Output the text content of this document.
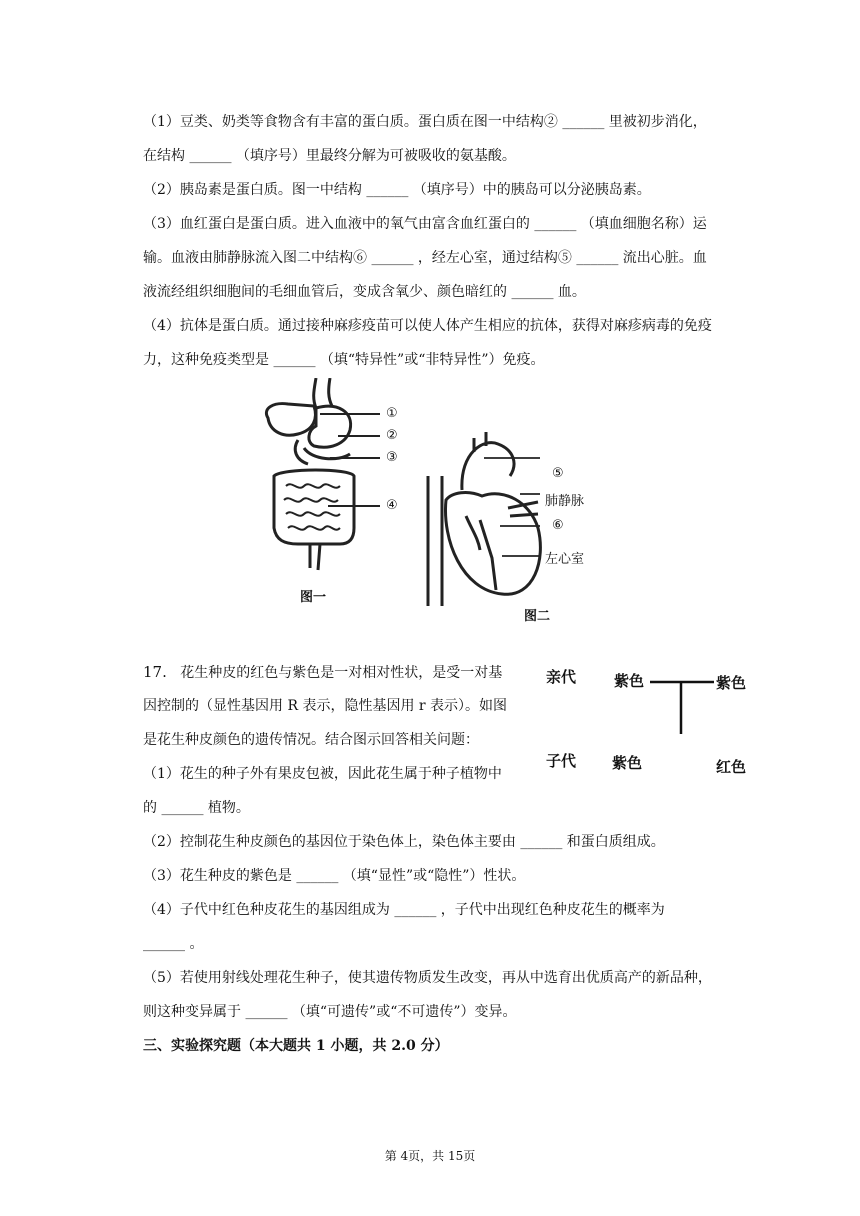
（1）豆类、奶类等食物含有丰富的蛋白质。蛋白质在图一中结构② ______ 里被初步消化，
在结构 ______ （填序号）里最终分解为可被吸收的氨基酸。
（2）胰岛素是蛋白质。图一中结构 ______ （填序号）中的胰岛可以分泌胰岛素。
（3）血红蛋白是蛋白质。进入血液中的氧气由富含血红蛋白的 ______ （填血细胞名称）运
输。血液由肺静脉流入图二中结构⑥ ______ ，经左心室，通过结构⑤ ______ 流出心脏。血
液流经组织细胞间的毛细血管后，变成含氧少、颜色暗红的 ______ 血。
（4）抗体是蛋白质。通过接种麻疹疫苗可以使人体产生相应的抗体，获得对麻疹病毒的免疫
力，这种免疫类型是 ______ （填“特异性”或“非特异性”）免疫。
①
②
③
④
图一
⑤
肺静脉
⑥
左心室
图二
17. 花生种皮的红色与紫色是一对相对性状，是受一对基
因控制的（显性基因用 R 表示，隐性基因用 r 表示）。如图
是花生种皮颜色的遗传情况。结合图示回答相关问题：
（1）花生的种子外有果皮包被，因此花生属于种子植物中
的 ______ 植物。
（2）控制花生种皮颜色的基因位于染色体上，染色体主要由 ______ 和蛋白质组成。
（3）花生种皮的紫色是 ______ （填“显性”或“隐性”）性状。
（4）子代中红色种皮花生的基因组成为 ______ ，子代中出现红色种皮花生的概率为
______ 。
（5）若使用射线处理花生种子，使其遗传物质发生改变，再从中选育出优质高产的新品种，
则这种变异属于 ______ （填“可遗传”或“不可遗传”）变异。
亲代	紫色	紫色
子代 紫色	红色
三、实验探究题（本大题共 1 小题，共 2.0 分）
第 4页，共 15页
